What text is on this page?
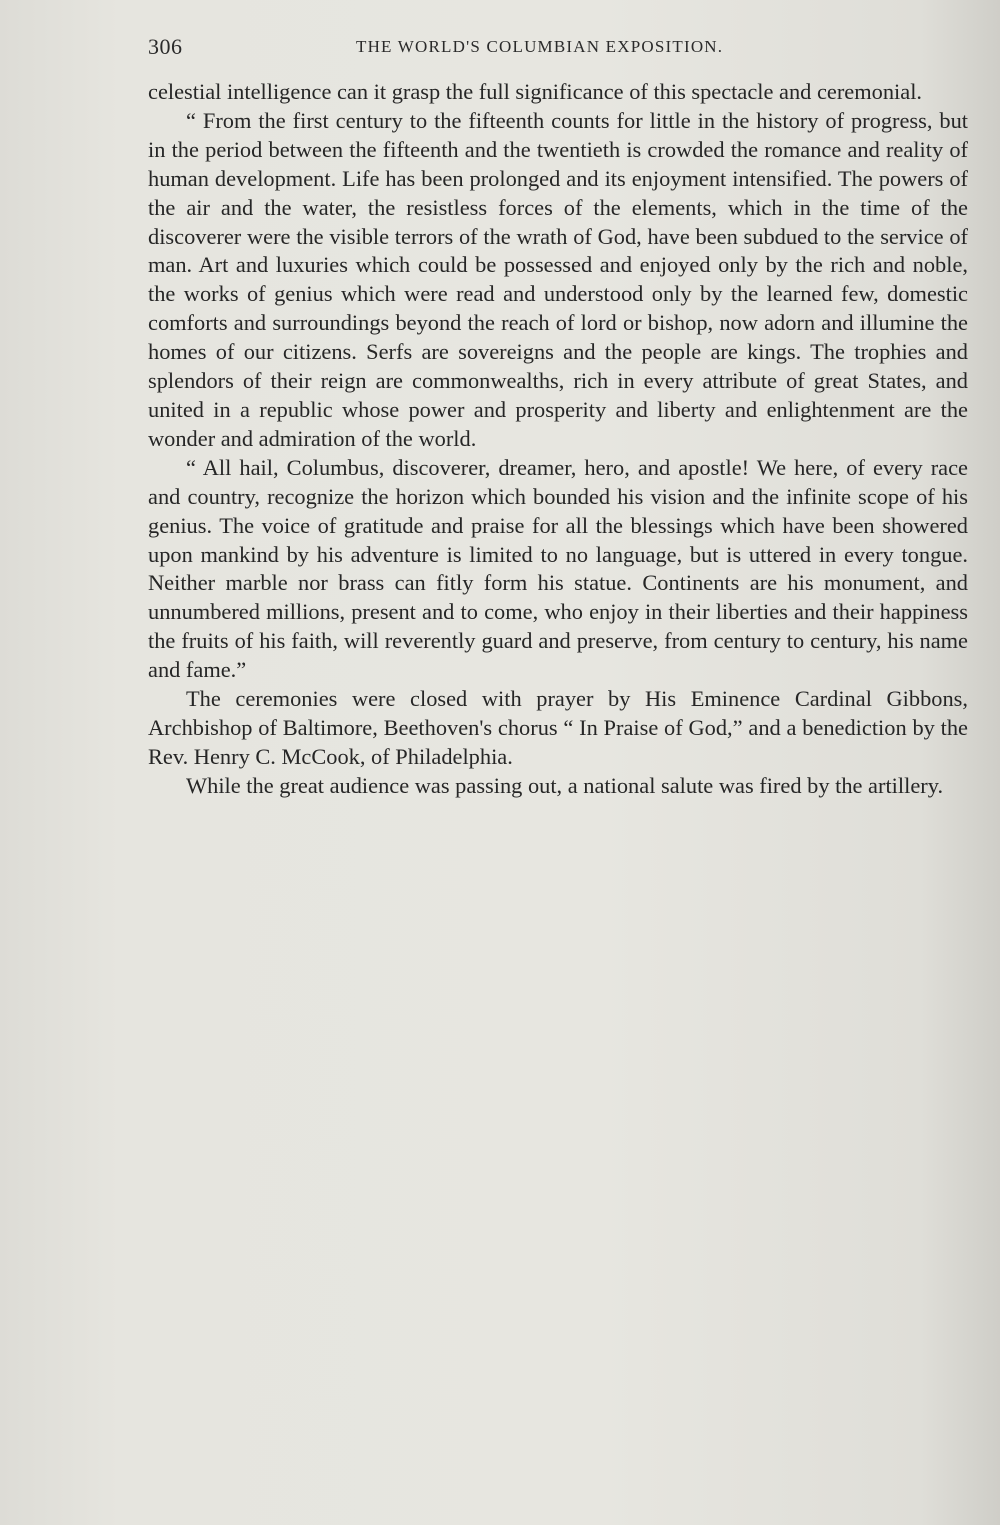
306	THE WORLD'S COLUMBIAN EXPOSITION.

celestial intelligence can it grasp the full significance of this spectacle and ceremonial.

“ From the first century to the fifteenth counts for little in the history of progress, but in the period between the fifteenth and the twentieth is crowded the romance and reality of human development. Life has been prolonged and its enjoyment intensified. The powers of the air and the water, the resistless forces of the elements, which in the time of the discoverer were the visible terrors of the wrath of God, have been subdued to the service of man. Art and luxuries which could be possessed and enjoyed only by the rich and noble, the works of genius which were read and understood only by the learned few, domestic comforts and surroundings beyond the reach of lord or bishop, now adorn and illumine the homes of our citizens. Serfs are sovereigns and the people are kings. The trophies and splendors of their reign are commonwealths, rich in every attribute of great States, and united in a republic whose power and prosperity and liberty and enlightenment are the wonder and admiration of the world.

“ All hail, Columbus, discoverer, dreamer, hero, and apostle! We here, of every race and country, recognize the horizon which bounded his vision and the infinite scope of his genius. The voice of gratitude and praise for all the blessings which have been showered upon mankind by his adventure is limited to no language, but is uttered in every tongue. Neither marble nor brass can fitly form his statue. Continents are his monument, and unnumbered millions, present and to come, who enjoy in their liberties and their happiness the fruits of his faith, will reverently guard and preserve, from century to century, his name and fame.”

The ceremonies were closed with prayer by His Eminence Cardinal Gibbons, Archbishop of Baltimore, Beethoven's chorus “ In Praise of God,” and a benediction by the Rev. Henry C. McCook, of Philadelphia.

While the great audience was passing out, a national salute was fired by the artillery.
